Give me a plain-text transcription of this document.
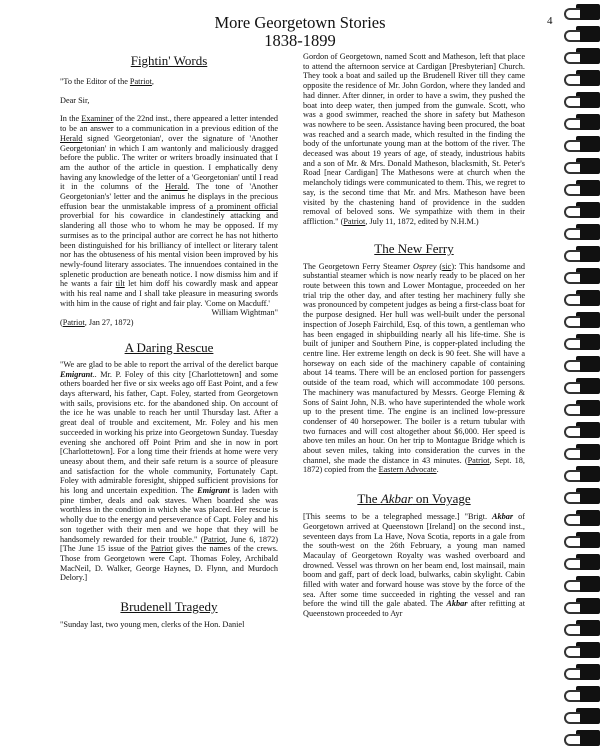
More Georgetown Stories
1838-1899
4

Fightin' Words

"To the Editor of the Patriot,

Dear Sir,

In the Examiner of the 22nd inst., there appeared a letter intended to be an answer to a communication in a previous edition of the Herald signed 'Georgetonian', over the signature of 'Another Georgetonian' in which I am wantonly and maliciously dragged before the public. The writer or writers broadly insinuated that I am the author of the article in question. I emphatically deny having any knowledge of the letter of a 'Georgetonian' until I read it in the columns of the Herald. The tone of 'Another Georgetonian's' letter and the animus he displays in the precious effusion bear the unmistakable impress of a prominent official proverbial for his cowardice in clandestinely attacking and slandering all those who to whom he may be opposed. If my surmises as to the principal author are correct he has not hitherto been distinguished for his brilliancy of intellect or literary talent nor has the obtuseness of his mental vision been improved by his newly-found literary associates. The innuendoes contained in the splenetic production are beneath notice. I now dismiss him and if he wants a fair tilt let him doff his cowardly mask and appear with his real name and I shall take pleasure in measuring swords with him in the cause of right and fair play. 'Come on Macduff.'

William Wightman"

(Patriot, Jan 27, 1872)

A Daring Rescue

"We are glad to be able to report the arrival of the derelict barque Emigrant.. Mr. P. Foley of this city [Charlottetown] and some others boarded her five or six weeks ago off East Point, and a few days afterward, his father, Capt. Foley, started from Georgetown with sails, provisions etc. for the abandoned ship. On account of the ice he was unable to reach her until Thursday last. After a great deal of trouble and excitement, Mr. Foley and his men succeeded in working his prize into Georgetown Sunday. Tuesday evening she anchored off Point Prim and she in now in port [Charlottetown]. For a long time their friends at home were very uneasy about them, and their safe return is a source of pleasure and satisfaction for the whole community, Fortunately Capt. Foley with admirable foresight, shipped sufficient provisions for his long and uncertain expedition. The Emigrant is laden with pine timber, deals and oak staves. When boarded she was worthless in the condition in which she was placed. Her rescue is wholly due to the energy and perseverance of Capt. Foley and his son together with their men and we hope that they will be handsomely rewarded for their trouble." (Patriot, June 6, 1872) [The June 15 issue of the Patriot gives the names of the crews. Those from Georgetown were Capt. Thomas Foley, Archibald MacNeil, D. Walker, George Haynes, D. Flynn, and Murdoch Delory.]

Brudenell Tragedy

"Sunday last, two young men, clerks of the Hon. Daniel

Gordon of Georgetown, named Scott and Matheson, left that place to attend the afternoon service at Cardigan [Presbyterian] Church. They took a boat and sailed up the Brudenell River till they came opposite the residence of Mr. John Gordon, where they landed and had dinner. After dinner, in order to have a swim, they pushed the boat into deep water, then jumped from the gunwale. Scott, who was a good swimmer, reached the shore in safety but Matheson was nowhere to be seen. Assistance having been procured, the boat was reached and a search made, which resulted in the finding the body of the unfortunate young man at the bottom of the river. The deceased was about 19 years of age, of steady, industrious habits and a son of Mr. & Mrs. Donald Matheson, blacksmith, St. Peter's Road [near Cardigan] The Mathesons were at church when the melancholy tidings were communicated to them. This, we regret to say, is the second time that Mr. and Mrs. Matheson have been visited by the chastening hand of providence in the sudden removal of beloved sons. We sympathize with them in their affliction." (Patriot, July 11, 1872, edited by N.H.M.)

The New Ferry

The Georgetown Ferry Steamer Osprey (sic): This handsome and substantial steamer which is now nearly ready to be placed on her route between this town and Lower Montague, proceeded on her trial trip the other day, and after testing her machinery fully she was pronounced by competent judges as being a first-class boat for the purpose designed. Her hull was well-built under the personal inspection of Joseph Fairchild, Esq. of this town, a gentleman who has been engaged in shipbuilding nearly all his life-time. She is built of juniper and Southern Pine, is copper-plated including the centre line. Her extreme length on deck is 90 feet. She will have a horseway on each side of the machinery capable of containing about 14 teams. There will be an enclosed portion for passengers outside of the team road, which will accommodate 100 persons. The machinery was manufactured by Messrs. George Fleming & Sons of Saint John, N.B. who have superintended the whole work up to the present time. The engine is an inclined low-pressure condenser of 40 horsepower. The boiler is a return tubular with two furnaces and will cost altogether about $6,000. Her speed is above ten miles an hour. On her trip to Montague Bridge which is about seven miles, taking into consideration the curves in the channel, she made the distance in 43 minutes. (Patriot, Sept. 18, 1872) copied from the Eastern Advocate.

The Akbar on Voyage

[This seems to be a telegraphed message.] "Brigt. Akbar of Georgetown arrived at Queenstown [Ireland] on the second inst., seventeen days from La Have, Nova Scotia, reports in a gale from the south-west on the 26th February, a young man named Macaulay of Georgetown Royalty was washed overboard and drowned. Vessel was thrown on her beam end, lost mainsail, main boom and gaff, part of deck load, bulwarks, cabin skylight. Cabin filled with water and forward house was stove by the force of the sea. After some time succeeded in righting the vessel and ran before the wind till the gale abated. The Akbar after refitting at Queenstown proceeded to Ayr
